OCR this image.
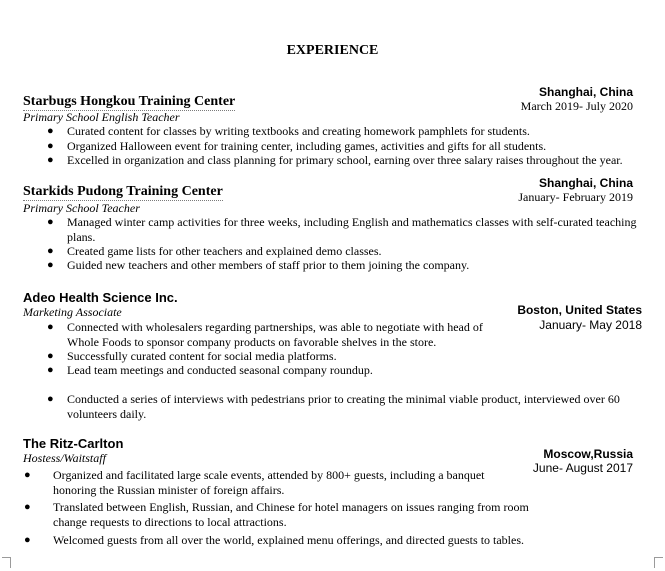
EXPERIENCE
Starbugs Hongkou Training Center
Primary School English Teacher
Shanghai, China
March 2019- July 2020
● Curated content for classes by writing textbooks and creating homework pamphlets for students.
● Organized Halloween event for training center, including games, activities and gifts for all students.
● Excelled in organization and class planning for primary school, earning over three salary raises throughout the year.
Starkids Pudong Training Center
Primary School Teacher
Shanghai, China
January- February 2019
● Managed winter camp activities for three weeks, including English and mathematics classes with self-curated teaching plans.
● Created game lists for other teachers and explained demo classes.
● Guided new teachers and other members of staff prior to them joining the company.
Adeo Health Science Inc.
Marketing Associate	Boston, United States
January- May 2018
● Connected with wholesalers regarding partnerships, was able to negotiate with head of Whole Foods to sponsor company products on favorable shelves in the store.
● Successfully curated content for social media platforms.
● Lead team meetings and conducted seasonal company roundup.
● Conducted a series of interviews with pedestrians prior to creating the minimal viable product, interviewed over 60 volunteers daily.
The Ritz-Carlton
Hostess/Waitstaff	Moscow,Russia
June- August 2017
● Organized and facilitated large scale events, attended by 800+ guests, including a banquet honoring the Russian minister of foreign affairs.
● Translated between English, Russian, and Chinese for hotel managers on issues ranging from room change requests to directions to local attractions.
● Welcomed guests from all over the world, explained menu offerings, and directed guests to tables.
